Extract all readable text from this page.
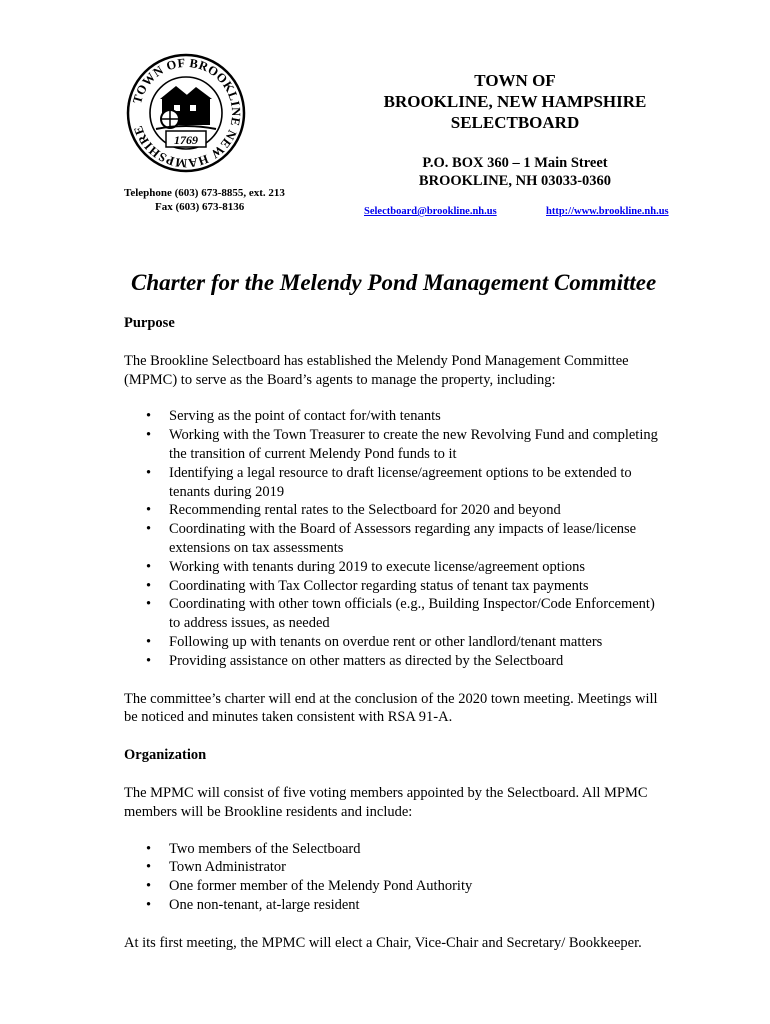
TOWN OF BROOKLINE NEW HAMPSHIRE
1769
TOWN OF
BROOKLINE, NEW HAMPSHIRE
SELECTBOARD
P.O. BOX 360 – 1 Main Street
BROOKLINE, NH 03033-0360
Telephone (603) 673-8855, ext. 213
Fax (603) 673-8136	Selectboard@brookline.nh.us	http://www.brookline.nh.us
Charter for the Melendy Pond Management Committee
Purpose

The Brookline Selectboard has established the Melendy Pond Management Committee (MPMC) to serve as the Board’s agents to manage the property, including:

• Serving as the point of contact for/with tenants
• Working with the Town Treasurer to create the new Revolving Fund and completing the transition of current Melendy Pond funds to it
• Identifying a legal resource to draft license/agreement options to be extended to tenants during 2019
• Recommending rental rates to the Selectboard for 2020 and beyond
• Coordinating with the Board of Assessors regarding any impacts of lease/license extensions on tax assessments
• Working with tenants during 2019 to execute license/agreement options
• Coordinating with Tax Collector regarding status of tenant tax payments
• Coordinating with other town officials (e.g., Building Inspector/Code Enforcement) to address issues, as needed
• Following up with tenants on overdue rent or other landlord/tenant matters
• Providing assistance on other matters as directed by the Selectboard

The committee’s charter will end at the conclusion of the 2020 town meeting. Meetings will be noticed and minutes taken consistent with RSA 91-A.

Organization

The MPMC will consist of five voting members appointed by the Selectboard. All MPMC members will be Brookline residents and include:

• Two members of the Selectboard
• Town Administrator
• One former member of the Melendy Pond Authority
• One non-tenant, at-large resident

At its first meeting, the MPMC will elect a Chair, Vice-Chair and Secretary/ Bookkeeper.
